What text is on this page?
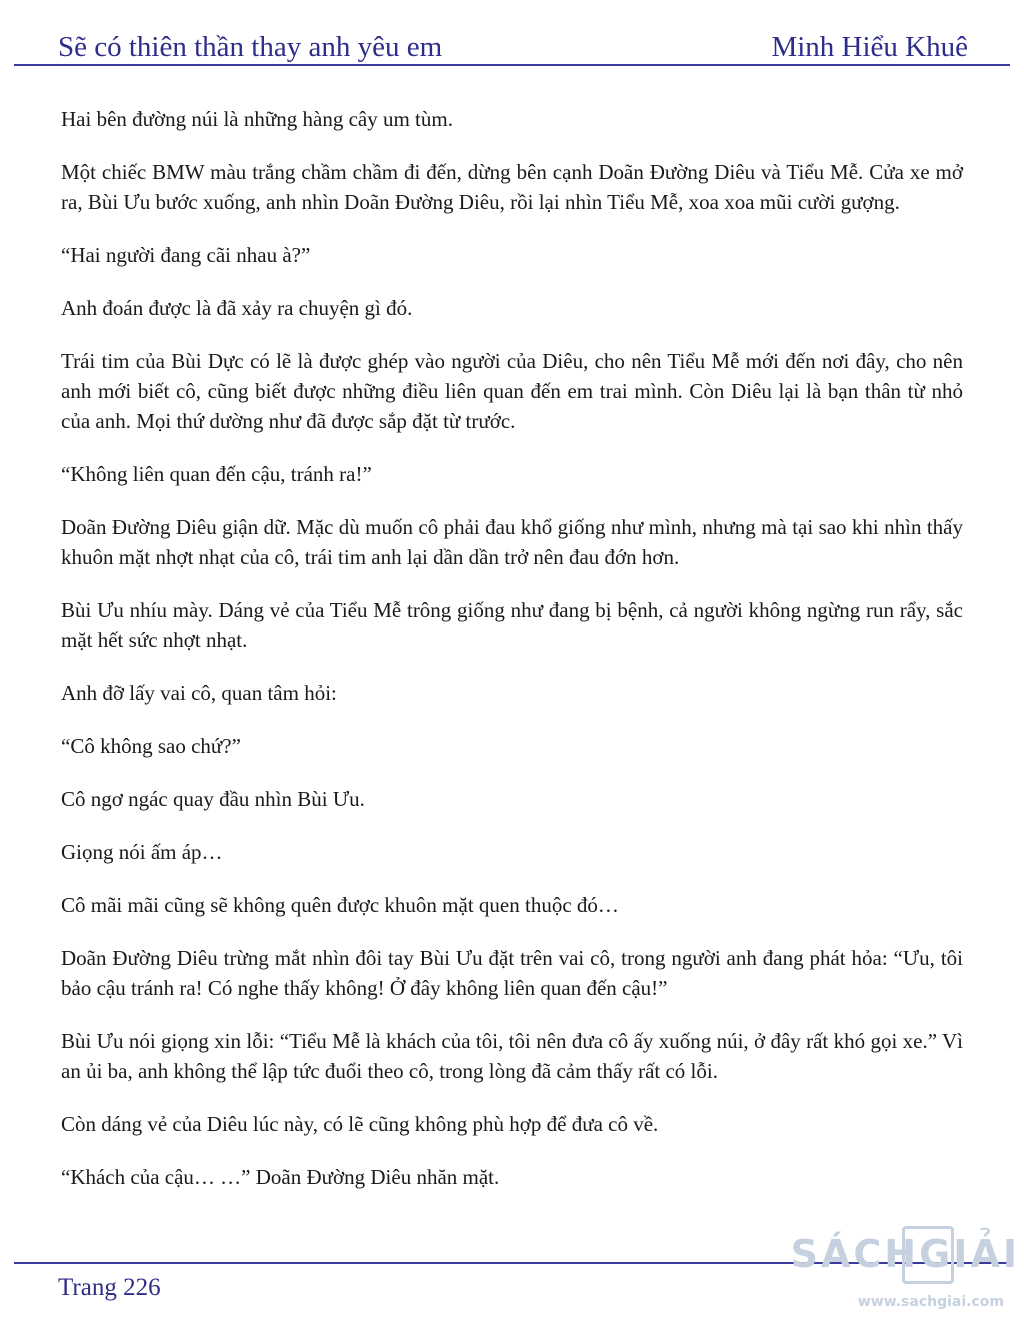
Sẽ có thiên thần thay anh yêu em	Minh Hiểu Khuê

Hai bên đường núi là những hàng cây um tùm.

Một chiếc BMW màu trắng chầm chầm đi đến, dừng bên cạnh Doãn Đường Diêu và Tiểu Mễ. Cửa xe mở ra, Bùi Ưu bước xuống, anh nhìn Doãn Đường Diêu, rồi lại nhìn Tiểu Mễ, xoa xoa mũi cười gượng.

“Hai người đang cãi nhau à?”

Anh đoán được là đã xảy ra chuyện gì đó.

Trái tim của Bùi Dực có lẽ là được ghép vào người của Diêu, cho nên Tiểu Mễ mới đến nơi đây, cho nên anh mới biết cô, cũng biết được những điều liên quan đến em trai mình. Còn Diêu lại là bạn thân từ nhỏ của anh. Mọi thứ dường như đã được sắp đặt từ trước.

“Không liên quan đến cậu, tránh ra!”

Doãn Đường Diêu giận dữ. Mặc dù muốn cô phải đau khổ giống như mình, nhưng mà tại sao khi nhìn thấy khuôn mặt nhợt nhạt của cô, trái tim anh lại dần dần trở nên đau đớn hơn.

Bùi Ưu nhíu mày. Dáng vẻ của Tiểu Mễ trông giống như đang bị bệnh, cả người không ngừng run rẩy, sắc mặt hết sức nhợt nhạt.

Anh đỡ lấy vai cô, quan tâm hỏi:

“Cô không sao chứ?”

Cô ngơ ngác quay đầu nhìn Bùi Ưu.

Giọng nói ấm áp…

Cô mãi mãi cũng sẽ không quên được khuôn mặt quen thuộc đó…

Doãn Đường Diêu trừng mắt nhìn đôi tay Bùi Ưu đặt trên vai cô, trong người anh đang phát hỏa: “Ưu, tôi bảo cậu tránh ra! Có nghe thấy không! Ở đây không liên quan đến cậu!”

Bùi Ưu nói giọng xin lỗi: “Tiểu Mễ là khách của tôi, tôi nên đưa cô ấy xuống núi, ở đây rất khó gọi xe.” Vì an ủi ba, anh không thể lập tức đuổi theo cô, trong lòng đã cảm thấy rất có lỗi.

Còn dáng vẻ của Diêu lúc này, có lẽ cũng không phù hợp để đưa cô về.

“Khách của cậu… …” Doãn Đường Diêu nhăn mặt.

Trang 226
SÁCHGIẢI
www.sachgiai.com
